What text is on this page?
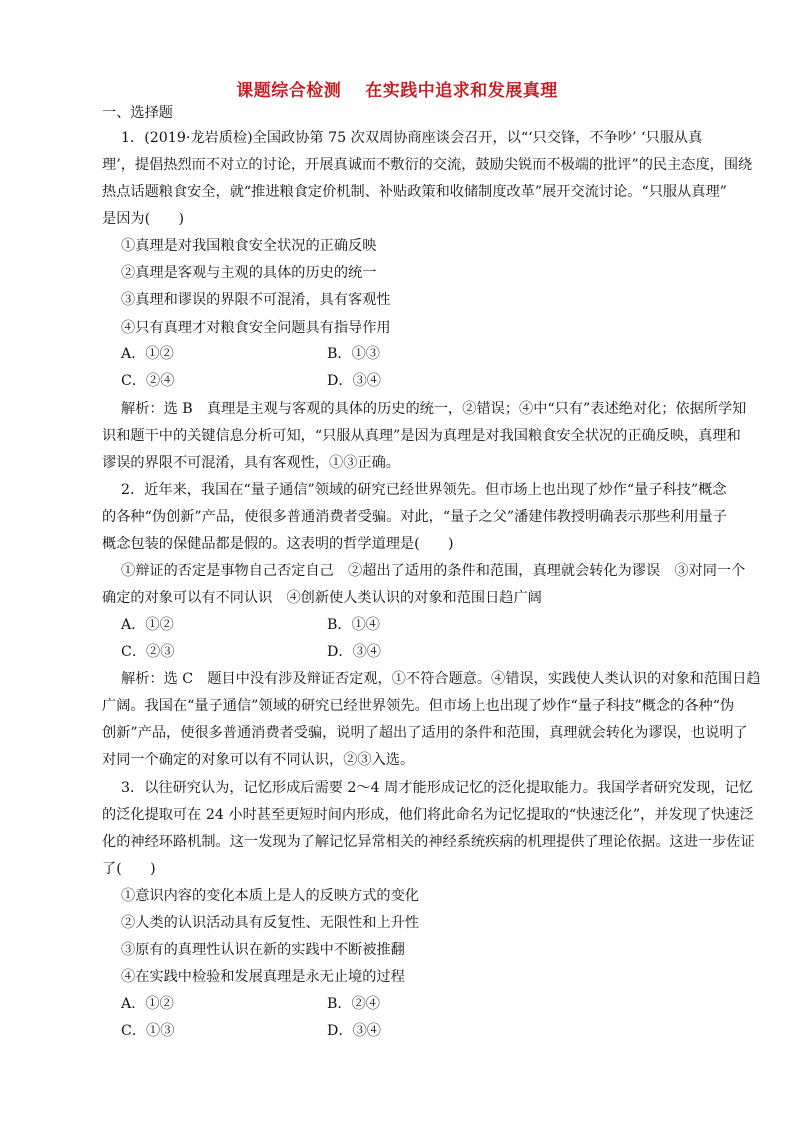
课题综合检测　 在实践中追求和发展真理
一、选择题
1．(2019·龙岩质检)全国政协第 75 次双周协商座谈会召开，以“‘只交锋，不争吵’ ‘只服从真
理’，提倡热烈而不对立的讨论，开展真诚而不敷衍的交流，鼓励尖锐而不极端的批评”的民主态度，围绕
热点话题粮食安全，就“推进粮食定价机制、补贴政策和收储制度改革”展开交流讨论。“只服从真理”
是因为(　　)
①真理是对我国粮食安全状况的正确反映
②真理是客观与主观的具体的历史的统一
③真理和谬误的界限不可混淆，具有客观性
④只有真理才对粮食安全问题具有指导作用
A．①②	B．①③
C．②④	D．③④
解析：选 B　真理是主观与客观的具体的历史的统一，②错误；④中“只有”表述绝对化；依据所学知
识和题干中的关键信息分析可知，“只服从真理”是因为真理是对我国粮食安全状况的正确反映，真理和
谬误的界限不可混淆，具有客观性，①③正确。
2．近年来，我国在“量子通信”领域的研究已经世界领先。但市场上也出现了炒作“量子科技”概念
的各种“伪创新”产品，使很多普通消费者受骗。对此，“量子之父”潘建伟教授明确表示那些利用量子
概念包装的保健品都是假的。这表明的哲学道理是(　　)
①辩证的否定是事物自己否定自己　②超出了适用的条件和范围，真理就会转化为谬误　③对同一个
确定的对象可以有不同认识　④创新使人类认识的对象和范围日趋广阔
A．①②	B．①④
C．②③	D．③④
解析：选 C　题目中没有涉及辩证否定观，①不符合题意。④错误，实践使人类认识的对象和范围日趋
广阔。我国在“量子通信”领域的研究已经世界领先。但市场上也出现了炒作“量子科技”概念的各种“伪
创新”产品，使很多普通消费者受骗，说明了超出了适用的条件和范围，真理就会转化为谬误，也说明了
对同一个确定的对象可以有不同认识，②③入选。
3．以往研究认为，记忆形成后需要 2～4 周才能形成记忆的泛化提取能力。我国学者研究发现，记忆
的泛化提取可在 24 小时甚至更短时间内形成，他们将此命名为记忆提取的“快速泛化”，并发现了快速泛
化的神经环路机制。这一发现为了解记忆异常相关的神经系统疾病的机理提供了理论依据。这进一步佐证
了(　　)
①意识内容的变化本质上是人的反映方式的变化
②人类的认识活动具有反复性、无限性和上升性
③原有的真理性认识在新的实践中不断被推翻
④在实践中检验和发展真理是永无止境的过程
A．①②	B．②④
C．①③	D．③④
